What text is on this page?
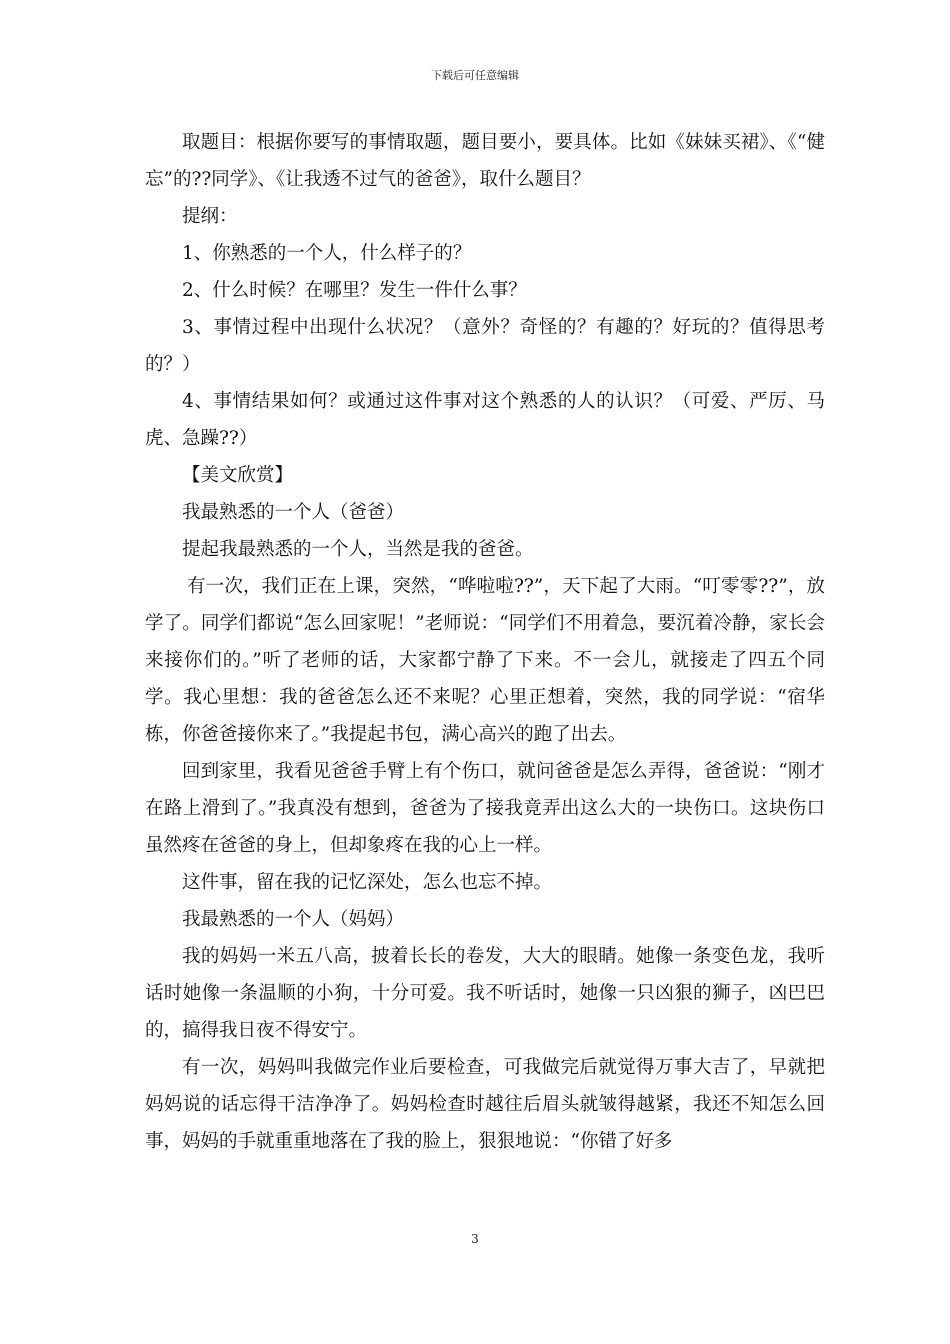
下载后可任意编辑

取题目：根据你要写的事情取题，题目要小，要具体。比如《妹妹买裙》、《“健忘”的??同学》、《让我透不过气的爸爸》，取什么题目？

提纲：

1、你熟悉的一个人，什么样子的？

2、什么时候？在哪里？发生一件什么事？

3、事情过程中出现什么状况？（意外？奇怪的？有趣的？好玩的？值得思考的？）

4、事情结果如何？或通过这件事对这个熟悉的人的认识？（可爱、严厉、马虎、急躁??）

【美文欣赏】

我最熟悉的一个人（爸爸）

提起我最熟悉的一个人，当然是我的爸爸。

有一次，我们正在上课，突然，“哗啦啦??”，天下起了大雨。“叮零零??”，放学了。同学们都说“怎么回家呢！”老师说：“同学们不用着急，要沉着冷静，家长会来接你们的。”听了老师的话，大家都宁静了下来。不一会儿，就接走了四五个同学。我心里想：我的爸爸怎么还不来呢？心里正想着，突然，我的同学说：“宿华栋，你爸爸接你来了。”我提起书包，满心高兴的跑了出去。

回到家里，我看见爸爸手臂上有个伤口，就问爸爸是怎么弄得，爸爸说：“刚才在路上滑到了。”我真没有想到，爸爸为了接我竟弄出这么大的一块伤口。这块伤口虽然疼在爸爸的身上，但却象疼在我的心上一样。

这件事，留在我的记忆深处，怎么也忘不掉。

我最熟悉的一个人（妈妈）

我的妈妈一米五八高，披着长长的卷发，大大的眼睛。她像一条变色龙，我听话时她像一条温顺的小狗，十分可爱。我不听话时，她像一只凶狠的狮子，凶巴巴的，搞得我日夜不得安宁。

有一次，妈妈叫我做完作业后要检查，可我做完后就觉得万事大吉了，早就把妈妈说的话忘得干洁净净了。妈妈检查时越往后眉头就皱得越紧，我还不知怎么回事，妈妈的手就重重地落在了我的脸上，狠狠地说：“你错了好多

3
